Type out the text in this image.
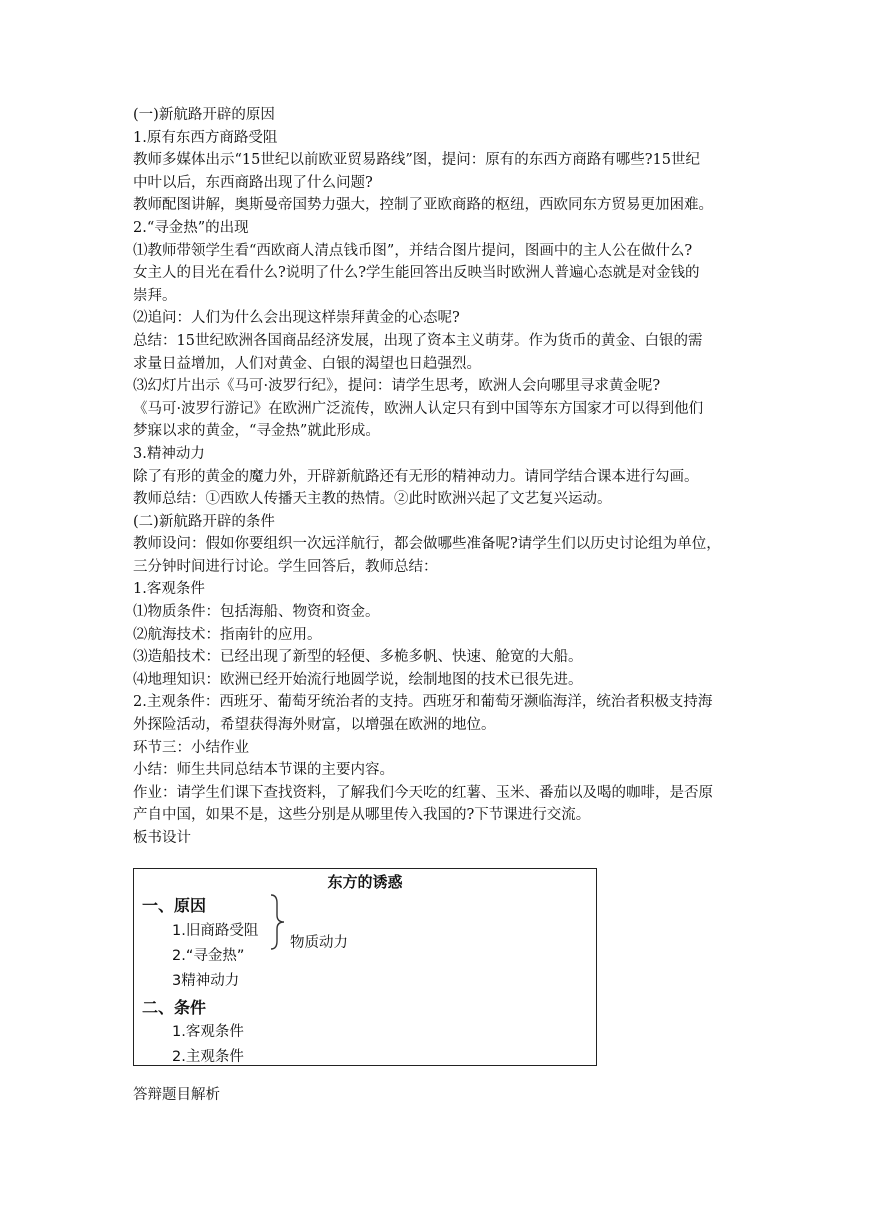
(一)新航路开辟的原因
1.原有东西方商路受阻
教师多媒体出示“15世纪以前欧亚贸易路线”图，提问：原有的东西方商路有哪些?15世纪
中叶以后，东西商路出现了什么问题?
教师配图讲解，奥斯曼帝国势力强大，控制了亚欧商路的枢纽，西欧同东方贸易更加困难。
2.“寻金热”的出现
⑴教师带领学生看“西欧商人清点钱币图”，并结合图片提问，图画中的主人公在做什么?
女主人的目光在看什么?说明了什么?学生能回答出反映当时欧洲人普遍心态就是对金钱的
崇拜。
⑵追问：人们为什么会出现这样崇拜黄金的心态呢?
总结：15世纪欧洲各国商品经济发展，出现了资本主义萌芽。作为货币的黄金、白银的需
求量日益增加，人们对黄金、白银的渴望也日趋强烈。
⑶幻灯片出示《马可·波罗行纪》，提问：请学生思考，欧洲人会向哪里寻求黄金呢?
《马可·波罗行游记》在欧洲广泛流传，欧洲人认定只有到中国等东方国家才可以得到他们
梦寐以求的黄金，“寻金热”就此形成。
3.精神动力
除了有形的黄金的魔力外，开辟新航路还有无形的精神动力。请同学结合课本进行勾画。
教师总结：①西欧人传播天主教的热情。②此时欧洲兴起了文艺复兴运动。
(二)新航路开辟的条件
教师设问：假如你要组织一次远洋航行，都会做哪些准备呢?请学生们以历史讨论组为单位，
三分钟时间进行讨论。学生回答后，教师总结：
1.客观条件
⑴物质条件：包括海船、物资和资金。
⑵航海技术：指南针的应用。
⑶造船技术：已经出现了新型的轻便、多桅多帆、快速、舱宽的大船。
⑷地理知识：欧洲已经开始流行地圆学说，绘制地图的技术已很先进。
2.主观条件：西班牙、葡萄牙统治者的支持。西班牙和葡萄牙濒临海洋，统治者积极支持海
外探险活动，希望获得海外财富，以增强在欧洲的地位。
环节三：小结作业
小结：师生共同总结本节课的主要内容。
作业：请学生们课下查找资料，了解我们今天吃的红薯、玉米、番茄以及喝的咖啡，是否原
产自中国，如果不是，这些分别是从哪里传入我国的?下节课进行交流。
板书设计
东方的诱惑
一、原因
1.旧商路受阻
2.“寻金热”
物质动力
3精神动力
二、条件
1.客观条件
2.主观条件
答辩题目解析
